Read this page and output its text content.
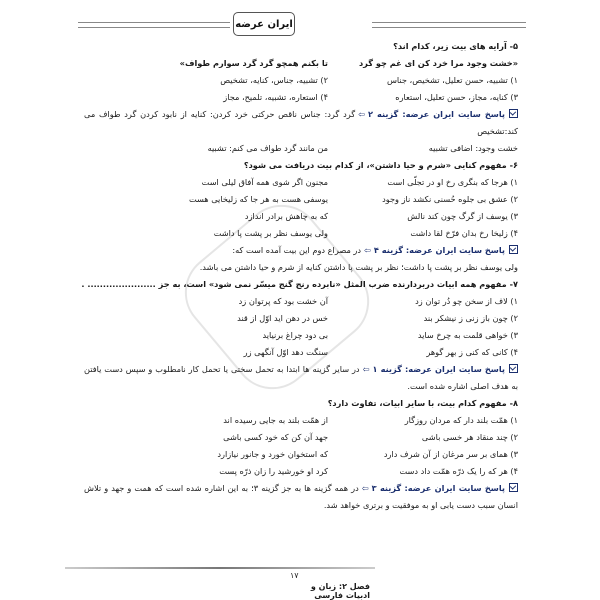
ایران عرضه
۵- آرایه های بیت زیر، کدام اند؟
«خشت وجود مرا خرد کن ای غم چو گرد
تا بکنم همچو گرد گرد سوارم طواف»
۱) تشبیه، حسن تعلیل، تشخیص، جناس
۲) تشبیه، جناس، کنایه، تشخیص
۳) کنایه، مجاز، حسن تعلیل، استعاره
۴) استعاره، تشبیه، تلمیح، مجاز
پاسخ سایت ایران عرضه: گزینه ۲⇦گرد گرد: جناس ناقص حرکتی خرد کردن: کنایه از نابود کردن گرد طواف می کند:تشخیص
خشت وجود: اضافی تشبیه
من مانند گرد طواف می کنم: تشبیه
۶- مفهوم کنایی «شرم و حیا داشتن»، از کدام بیت دریافت می شود؟
۱) هرجا که بنگری رخ او در تجلّی است
مجنون اگر شوی همه آفاق لیلی است
۲) عشق بی جلوه حُسنی نکشد ناز وجود
یوسفی هست به هر جا که زلیخایی هست
۳) یوسف از گرگ چون کند نالش
که به چاهش برادر اندازد
۴) زلیخا رخ بدان فرّخ لقا داشت
ولی یوسف نظر بر پشت پا داشت
پاسخ سایت ایران عرضه: گزینه ۴⇦در مصراع دوم این بیت آمده است که:
ولی یوسف نظر بر پشت پا داشت؛ نظر بر پشت پا داشتن کنایه از شرم و حیا داشتن می باشد.
۷- مفهوم همه ابیات دربردارنده ضرب المثل «نابرده رنج گنج میسّر نمی شود» است، به جز ...................... .
۱) لاف از سخن چو دُر توان زد
آن خشت بود که پرتوان زد
۲) چون باز زنی ز نیشکر بند
خس در دهن اید اوّل از قند
۳) خواهی قلمت به چرخ ساید
بی دود چراغ برنیاید
۴) کانی که کنی ز بهر گوهر
سنگت دهد اوّل آنگهی زر
پاسخ سایت ایران عرضه: گزینه ۱⇦در سایر گزینه ها ابتدا به تحمل سختی یا تحمل کار نامطلوب و سپس دست یافتن به هدف اصلی اشاره شده است.
۸- مفهوم کدام بیت، با سایر ابیات، تفاوت دارد؟
۱) همّت بلند دار که مردان روزگار
از همّت بلند به جایی رسیده اند
۲) چند منقاد هر خسی باشی
جهد آن کن که خود کسی باشی
۳) همای بر سر مرغان از آن شرف دارد
که استخوان خورد و جانور نیازارد
۴) هر که را یک ذرّه همّت داد دست
کرد او خورشید را زان ذرّه پست
پاسخ سایت ایران عرضه: گزینه ۳⇦در همه گزینه ها به جز گزینه ۳؛ به این اشاره شده است که همت و جهد و تلاش انسان سبب دست یابی او به موفقیت و برتری خواهد شد.
۱۷
فصل ۲: زبان و ادبیات فارسی
